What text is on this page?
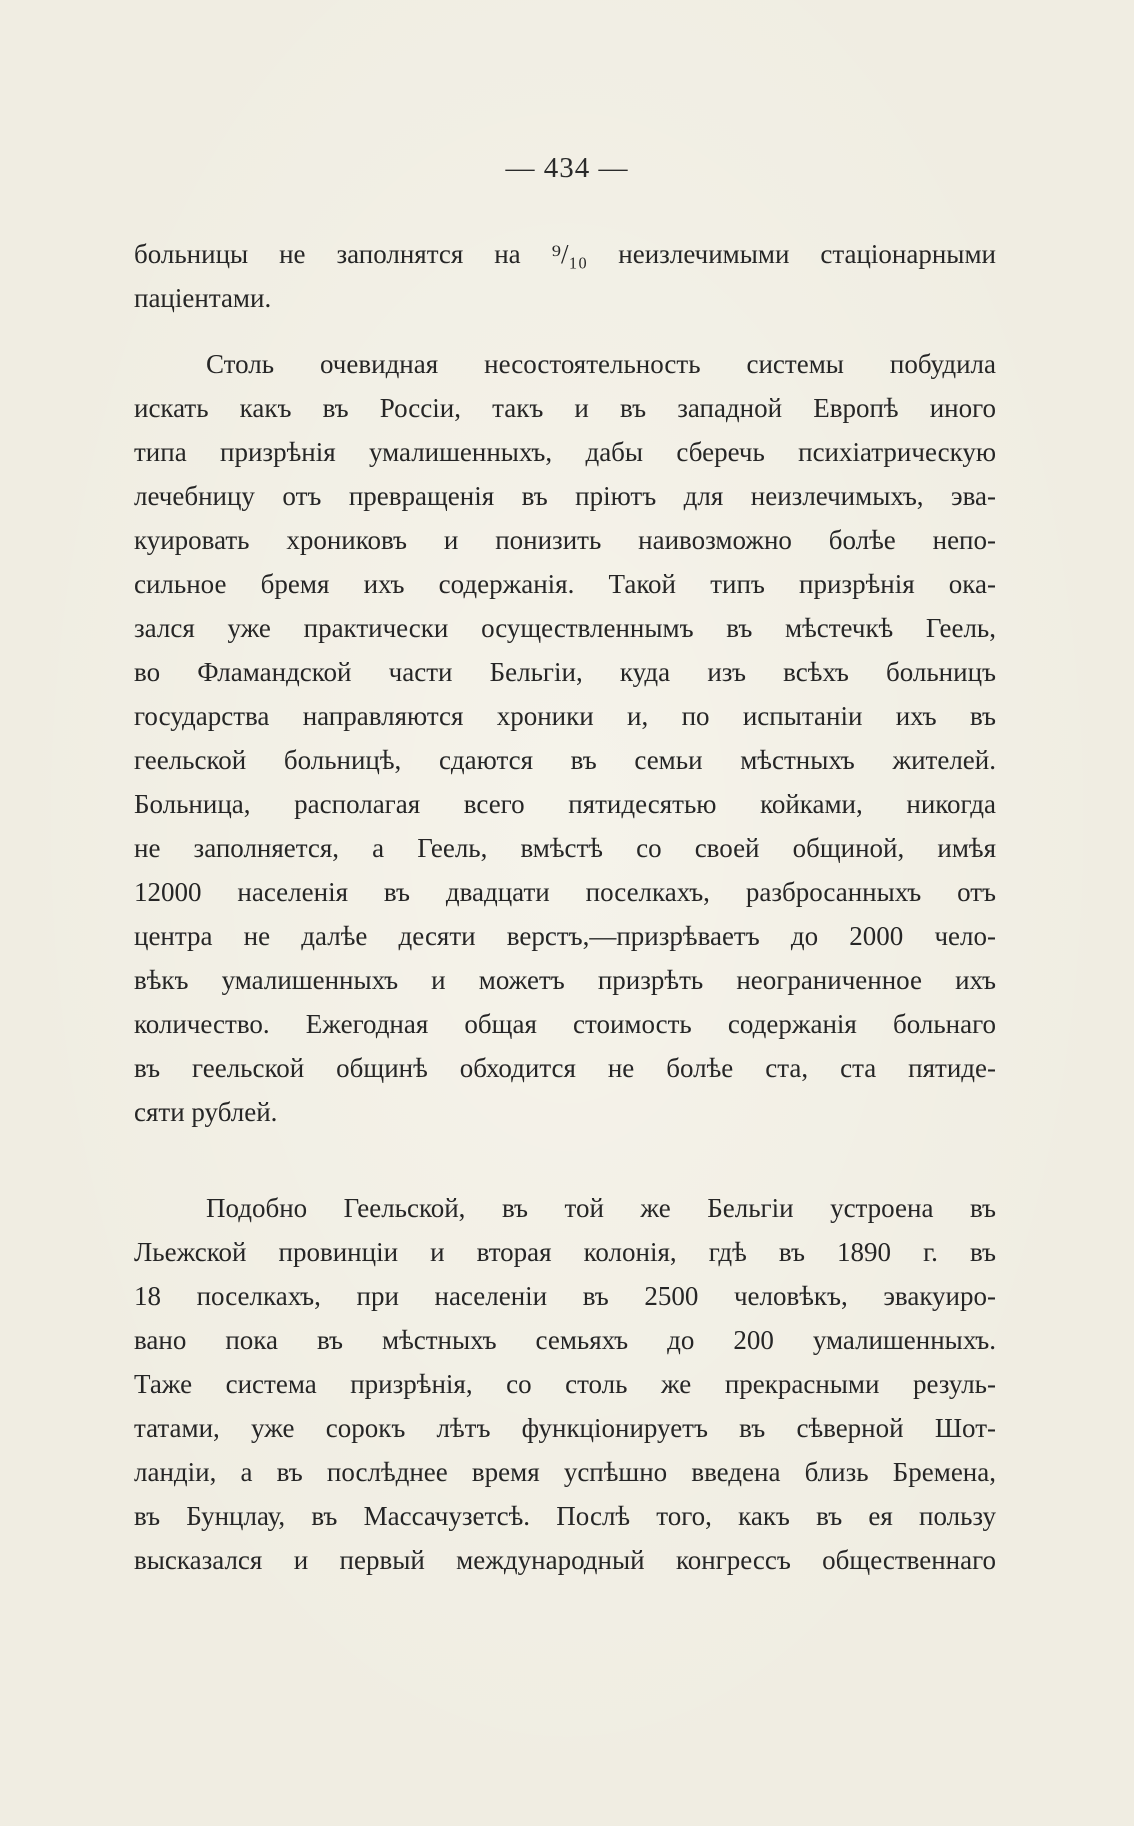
— 434 —
больницы не заполнятся на ⁹/₁₀ неизлечимыми стаціонарными
паціентами.
Столь очевидная несостоятельность системы побудила
искать какъ въ Россіи, такъ и въ западной Европѣ иного
типа призрѣнія умалишенныхъ, дабы сберечь психіатрическую
лечебницу отъ превращенія въ пріютъ для неизлечимыхъ, эва-
куировать хрониковъ и понизить наивозможно болѣе непо-
сильное бремя ихъ содержанія. Такой типъ призрѣнія ока-
зался уже практически осуществленнымъ въ мѣстечкѣ Геель,
во Фламандской части Бельгіи, куда изъ всѣхъ больницъ
государства направляются хроники и, по испытаніи ихъ въ
геельской больницѣ, сдаются въ семьи мѣстныхъ жителей.
Больница, располагая всего пятидесятью койками, никогда
не заполняется, а Геель, вмѣстѣ со своей общиной, имѣя
12000 населенія въ двадцати поселкахъ, разбросанныхъ отъ
центра не далѣе десяти верстъ,—призрѣваетъ до 2000 чело-
вѣкъ умалишенныхъ и можетъ призрѣть неограниченное ихъ
количество. Ежегодная общая стоимость содержанія больнаго
въ геельской общинѣ обходится не болѣе ста, ста пятиде-
сяти рублей.
Подобно Геельской, въ той же Бельгіи устроена въ
Льежской провинціи и вторая колонія, гдѣ въ 1890 г. въ
18 поселкахъ, при населеніи въ 2500 человѣкъ, эвакуиро-
вано пока въ мѣстныхъ семьяхъ до 200 умалишенныхъ.
Таже система призрѣнія, со столь же прекрасными резуль-
татами, уже сорокъ лѣтъ функціонируетъ въ сѣверной Шот-
ландіи, а въ послѣднее время успѣшно введена близь Бремена,
въ Бунцлау, въ Массачузетсѣ. Послѣ того, какъ въ ея пользу
высказался и первый международный конгрессъ общественнаго
